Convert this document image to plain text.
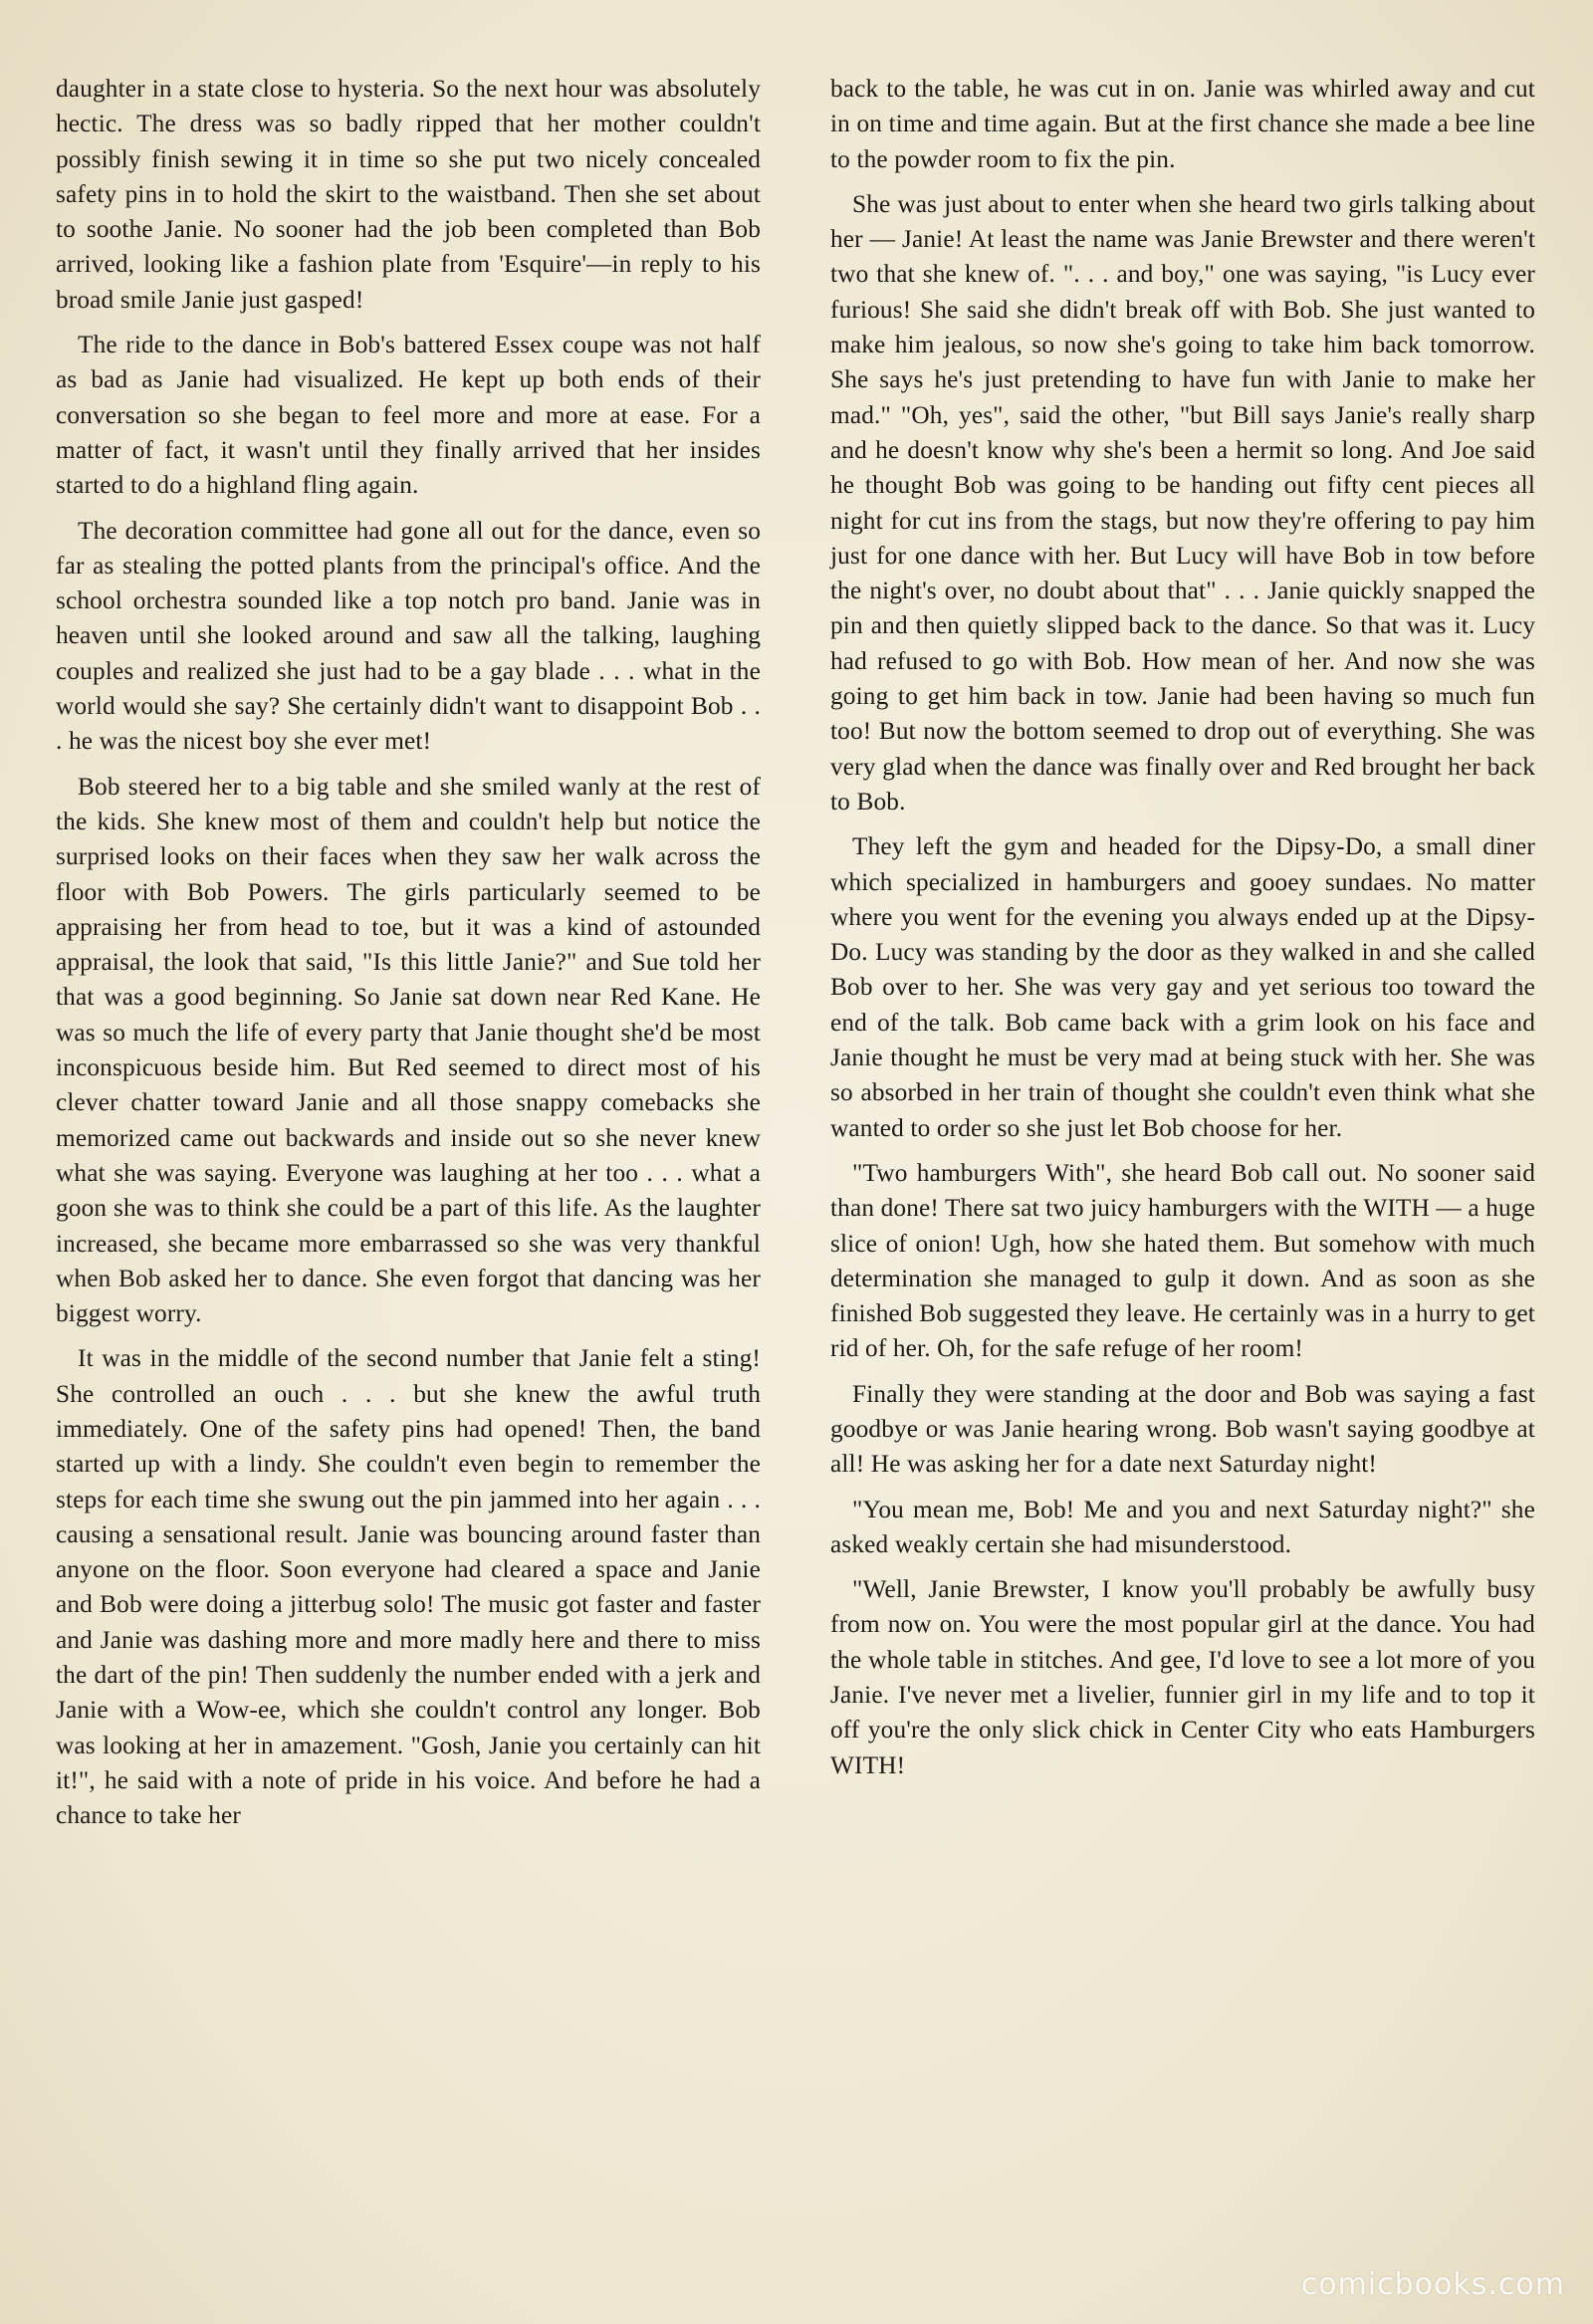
daughter in a state close to hysteria. So the next hour was absolutely hectic. The dress was so badly ripped that her mother couldn't possibly finish sewing it in time so she put two nicely concealed safety pins in to hold the skirt to the waistband. Then she set about to soothe Janie. No sooner had the job been completed than Bob arrived, looking like a fashion plate from 'Esquire'—in reply to his broad smile Janie just gasped!

The ride to the dance in Bob's battered Essex coupe was not half as bad as Janie had visualized. He kept up both ends of their conversation so she began to feel more and more at ease. For a matter of fact, it wasn't until they finally arrived that her insides started to do a highland fling again.

The decoration committee had gone all out for the dance, even so far as stealing the potted plants from the principal's office. And the school orchestra sounded like a top notch pro band. Janie was in heaven until she looked around and saw all the talking, laughing couples and realized she just had to be a gay blade . . . what in the world would she say? She certainly didn't want to disappoint Bob . . . he was the nicest boy she ever met!

Bob steered her to a big table and she smiled wanly at the rest of the kids. She knew most of them and couldn't help but notice the surprised looks on their faces when they saw her walk across the floor with Bob Powers. The girls particularly seemed to be appraising her from head to toe, but it was a kind of astounded appraisal, the look that said, "Is this little Janie?" and Sue told her that was a good beginning. So Janie sat down near Red Kane. He was so much the life of every party that Janie thought she'd be most inconspicuous beside him. But Red seemed to direct most of his clever chatter toward Janie and all those snappy comebacks she memorized came out backwards and inside out so she never knew what she was saying. Everyone was laughing at her too . . . what a goon she was to think she could be a part of this life. As the laughter increased, she became more embarrassed so she was very thankful when Bob asked her to dance. She even forgot that dancing was her biggest worry.

It was in the middle of the second number that Janie felt a sting! She controlled an ouch . . . but she knew the awful truth immediately. One of the safety pins had opened! Then, the band started up with a lindy. She couldn't even begin to remember the steps for each time she swung out the pin jammed into her again . . . causing a sensational result. Janie was bouncing around faster than anyone on the floor. Soon everyone had cleared a space and Janie and Bob were doing a jitterbug solo! The music got faster and faster and Janie was dashing more and more madly here and there to miss the dart of the pin! Then suddenly the number ended with a jerk and Janie with a Wow-ee, which she couldn't control any longer. Bob was looking at her in amazement. "Gosh, Janie you certainly can hit it!", he said with a note of pride in his voice. And before he had a chance to take her

back to the table, he was cut in on. Janie was whirled away and cut in on time and time again. But at the first chance she made a bee line to the powder room to fix the pin.

She was just about to enter when she heard two girls talking about her — Janie! At least the name was Janie Brewster and there weren't two that she knew of. ". . . and boy," one was saying, "is Lucy ever furious! She said she didn't break off with Bob. She just wanted to make him jealous, so now she's going to take him back tomorrow. She says he's just pretending to have fun with Janie to make her mad." "Oh, yes", said the other, "but Bill says Janie's really sharp and he doesn't know why she's been a hermit so long. And Joe said he thought Bob was going to be handing out fifty cent pieces all night for cut ins from the stags, but now they're offering to pay him just for one dance with her. But Lucy will have Bob in tow before the night's over, no doubt about that" . . . Janie quickly snapped the pin and then quietly slipped back to the dance. So that was it. Lucy had refused to go with Bob. How mean of her. And now she was going to get him back in tow. Janie had been having so much fun too! But now the bottom seemed to drop out of everything. She was very glad when the dance was finally over and Red brought her back to Bob.

They left the gym and headed for the Dipsy-Do, a small diner which specialized in hamburgers and gooey sundaes. No matter where you went for the evening you always ended up at the Dipsy-Do. Lucy was standing by the door as they walked in and she called Bob over to her. She was very gay and yet serious too toward the end of the talk. Bob came back with a grim look on his face and Janie thought he must be very mad at being stuck with her. She was so absorbed in her train of thought she couldn't even think what she wanted to order so she just let Bob choose for her.

"Two hamburgers With", she heard Bob call out. No sooner said than done! There sat two juicy hamburgers with the WITH — a huge slice of onion! Ugh, how she hated them. But somehow with much determination she managed to gulp it down. And as soon as she finished Bob suggested they leave. He certainly was in a hurry to get rid of her. Oh, for the safe refuge of her room!

Finally they were standing at the door and Bob was saying a fast goodbye or was Janie hearing wrong. Bob wasn't saying goodbye at all! He was asking her for a date next Saturday night!

"You mean me, Bob! Me and you and next Saturday night?" she asked weakly certain she had misunderstood.

"Well, Janie Brewster, I know you'll probably be awfully busy from now on. You were the most popular girl at the dance. You had the whole table in stitches. And gee, I'd love to see a lot more of you Janie. I've never met a livelier, funnier girl in my life and to top it off you're the only slick chick in Center City who eats Hamburgers WITH!

comicbooks.com
